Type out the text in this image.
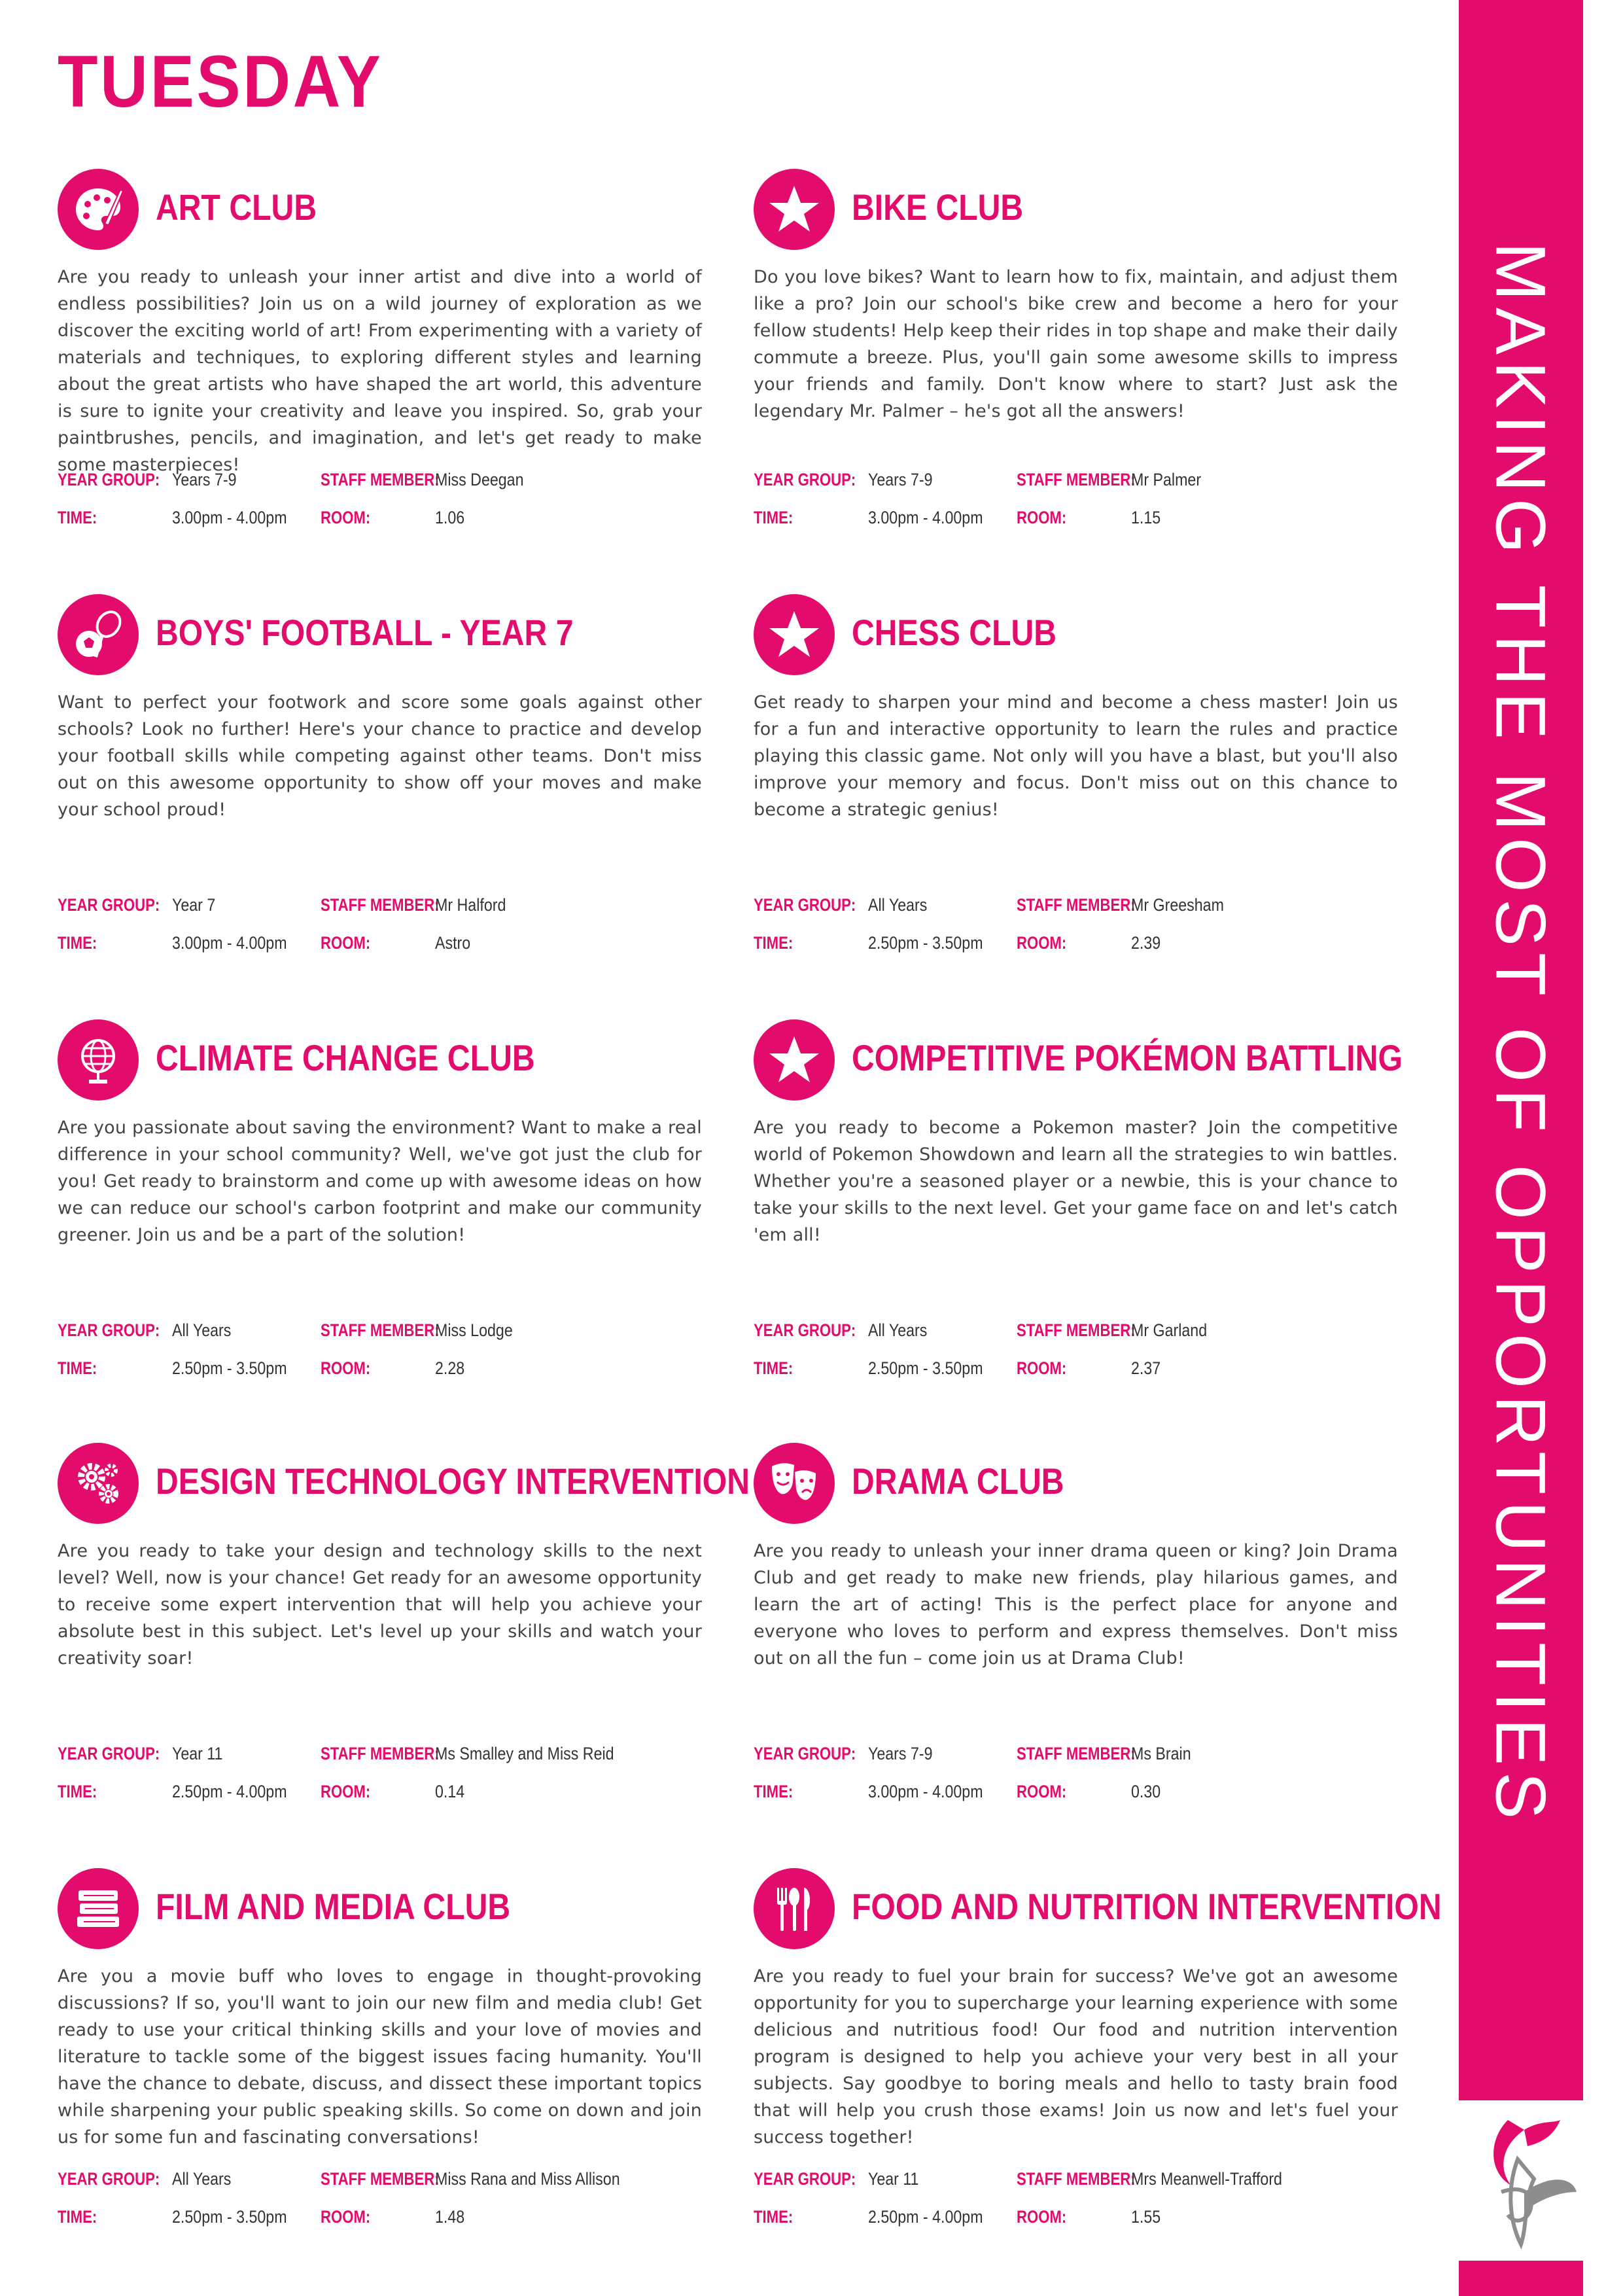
TUESDAY
MAKING THE MOST OF OPPORTUNITIES
ART CLUB
Are you ready to unleash your inner artist and dive into a world of endless possibilities? Join us on a wild journey of exploration as we discover the exciting world of art! From experimenting with a variety of materials and techniques, to exploring different styles and learning about the great artists who have shaped the art world, this adventure is sure to ignite your creativity and leave you inspired. So, grab your paintbrushes, pencils, and imagination, and let's get ready to make some masterpieces!
YEAR GROUP: Years 7-9	STAFF MEMBER:
Miss Deegan
TIME:	3.00pm - 4.00pm ROOM:	1.06
BIKE CLUB
Do you love bikes? Want to learn how to fix, maintain, and adjust them like a pro? Join our school's bike crew and become a hero for your fellow students! Help keep their rides in top shape and make their daily commute a breeze. Plus, you'll gain some awesome skills to impress your friends and family. Don't know where to start? Just ask the legendary Mr. Palmer – he's got all the answers!
YEAR GROUP: Years 7-9	STAFF MEMBER:
Mr Palmer
TIME:	3.00pm - 4.00pm ROOM:	1.15
BOYS' FOOTBALL - YEAR 7
Want to perfect your footwork and score some goals against other schools? Look no further! Here's your chance to practice and develop your football skills while competing against other teams. Don't miss out on this awesome opportunity to show off your moves and make your school proud!
YEAR GROUP: Year 7	STAFF MEMBER:
Mr Halford
TIME:	3.00pm - 4.00pm ROOM:	Astro
CHESS CLUB
Get ready to sharpen your mind and become a chess master! Join us for a fun and interactive opportunity to learn the rules and practice playing this classic game. Not only will you have a blast, but you'll also improve your memory and focus. Don't miss out on this chance to become a strategic genius!
YEAR GROUP: All Years	STAFF MEMBER:
Mr Greesham
TIME:	2.50pm - 3.50pm ROOM:	2.39
CLIMATE CHANGE CLUB
Are you passionate about saving the environment? Want to make a real difference in your school community? Well, we've got just the club for you! Get ready to brainstorm and come up with awesome ideas on how we can reduce our school's carbon footprint and make our community greener. Join us and be a part of the solution!
YEAR GROUP: All Years	STAFF MEMBER:
Miss Lodge
TIME:	2.50pm - 3.50pm ROOM:	2.28
COMPETITIVE POKÉMON BATTLING
Are you ready to become a Pokemon master? Join the competitive world of Pokemon Showdown and learn all the strategies to win battles. Whether you're a seasoned player or a newbie, this is your chance to take your skills to the next level. Get your game face on and let's catch 'em all!
YEAR GROUP: All Years	STAFF MEMBER:
Mr Garland
TIME:	2.50pm - 3.50pm ROOM:	2.37
DESIGN TECHNOLOGY INTERVENTION
Are you ready to take your design and technology skills to the next level? Well, now is your chance! Get ready for an awesome opportunity to receive some expert intervention that will help you achieve your absolute best in this subject. Let's level up your skills and watch your creativity soar!
YEAR GROUP: Year 11	STAFF MEMBER:
Ms Smalley and Miss Reid
TIME:	2.50pm - 4.00pm ROOM:	0.14
DRAMA CLUB
Are you ready to unleash your inner drama queen or king? Join Drama Club and get ready to make new friends, play hilarious games, and learn the art of acting! This is the perfect place for anyone and everyone who loves to perform and express themselves. Don't miss out on all the fun – come join us at Drama Club!
YEAR GROUP: Years 7-9	STAFF MEMBER:
Ms Brain
TIME:	3.00pm - 4.00pm ROOM:	0.30
FILM AND MEDIA CLUB
Are you a movie buff who loves to engage in thought-provoking discussions? If so, you'll want to join our new film and media club! Get ready to use your critical thinking skills and your love of movies and literature to tackle some of the biggest issues facing humanity. You'll have the chance to debate, discuss, and dissect these important topics while sharpening your public speaking skills. So come on down and join us for some fun and fascinating conversations!
YEAR GROUP: All Years	STAFF MEMBER:
Miss Rana and Miss Allison
TIME:	2.50pm - 3.50pm ROOM:	1.48
FOOD AND NUTRITION INTERVENTION
Are you ready to fuel your brain for success? We've got an awesome opportunity for you to supercharge your learning experience with some delicious and nutritious food! Our food and nutrition intervention program is designed to help you achieve your very best in all your subjects. Say goodbye to boring meals and hello to tasty brain food that will help you crush those exams! Join us now and let's fuel your success together!
YEAR GROUP: Year 11	STAFF MEMBER:
Mrs Meanwell-Trafford
TIME:	2.50pm - 4.00pm ROOM:	1.55
